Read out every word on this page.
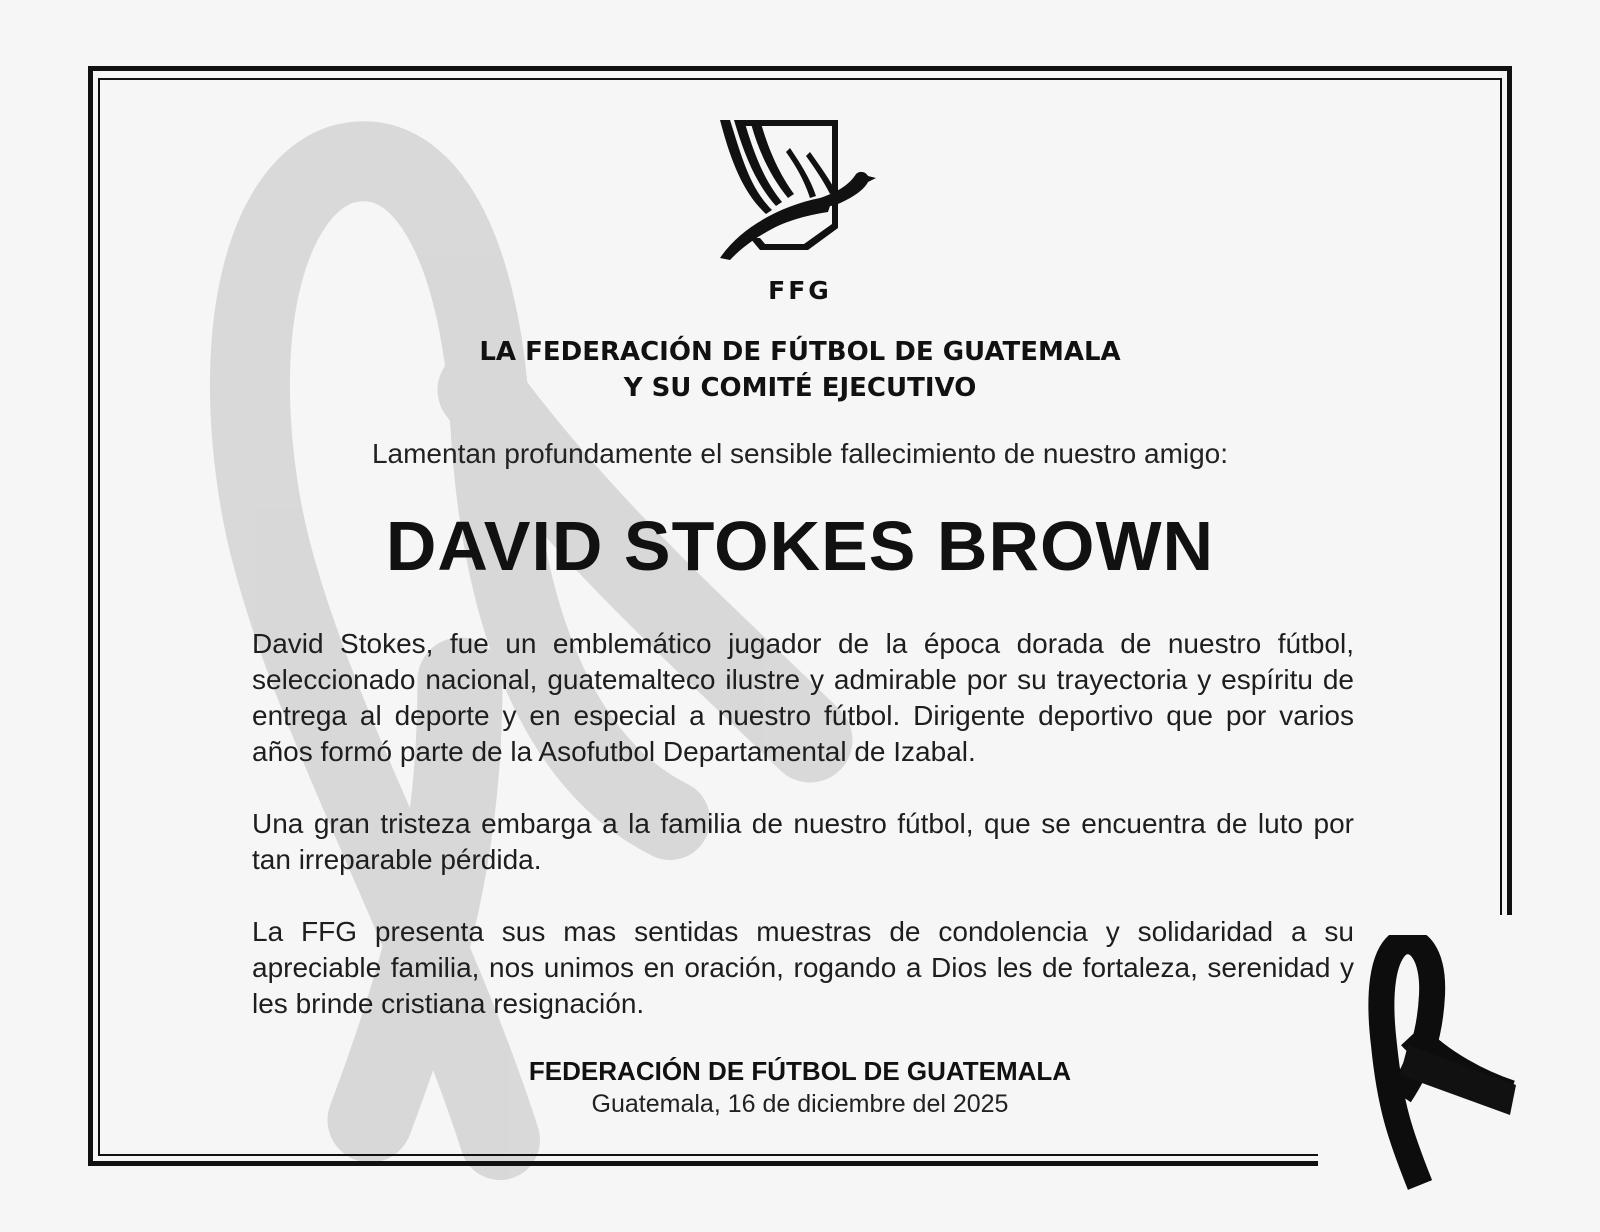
FFG
LA FEDERACIÓN DE FÚTBOL DE GUATEMALA
Y SU COMITÉ EJECUTIVO
Lamentan profundamente el sensible fallecimiento de nuestro amigo:
DAVID STOKES BROWN
David Stokes, fue un emblemático jugador de la época dorada de nuestro fútbol, seleccionado nacional, guatemalteco ilustre y admirable por su trayectoria y espíritu de entrega al deporte y en especial a nuestro fútbol. Dirigente deportivo que por varios años formó parte de la Asofutbol Departamental de Izabal.
Una gran tristeza embarga a la familia de nuestro fútbol, que se encuentra de luto por tan irreparable pérdida.
La FFG presenta sus mas sentidas muestras de condolencia y solidaridad a su apreciable familia, nos unimos en oración, rogando a Dios les de fortaleza, serenidad y les brinde cristiana resignación.
FEDERACIÓN DE FÚTBOL DE GUATEMALA
Guatemala, 16 de diciembre del 2025
